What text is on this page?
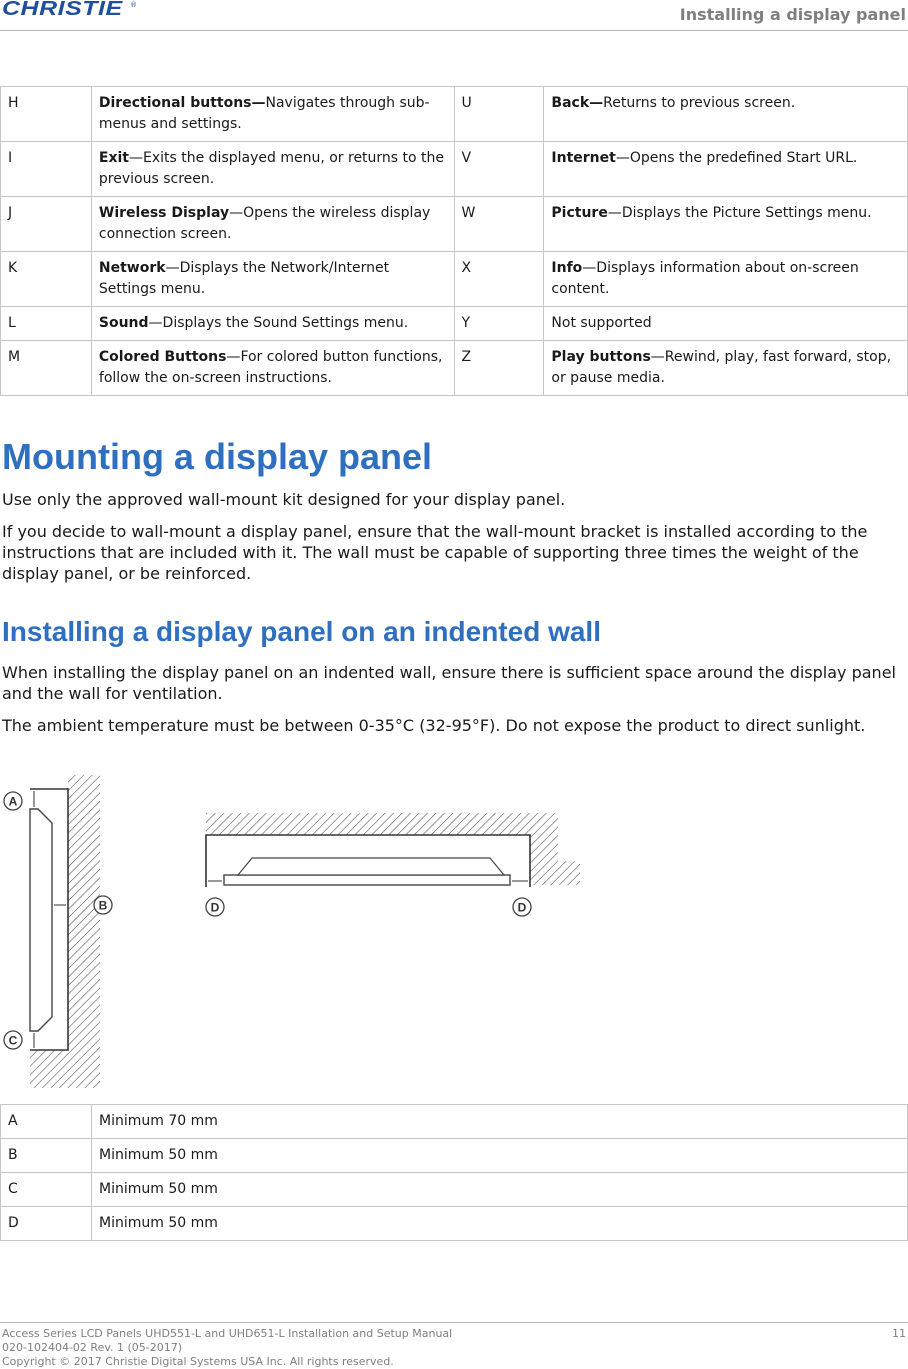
CHRISTIE ®	Installing a display panel
H	Directional buttons—Navigates through sub-menus and settings.	U	Back—Returns to previous screen.
I	Exit—Exits the displayed menu, or returns to the previous screen.	V	Internet—Opens the predefined Start URL.
J	Wireless Display—Opens the wireless display connection screen.	W	Picture—Displays the Picture Settings menu.
K	Network—Displays the Network/Internet Settings menu.	X	Info—Displays information about on-screen content.
L	Sound—Displays the Sound Settings menu.	Y	Not supported
M	Colored Buttons—For colored button functions, follow the on-screen instructions.	Z	Play buttons—Rewind, play, fast forward, stop, or pause media.
Mounting a display panel

Use only the approved wall-mount kit designed for your display panel.

If you decide to wall-mount a display panel, ensure that the wall-mount bracket is installed according to the instructions that are included with it. The wall must be capable of supporting three times the weight of the display panel, or be reinforced.

Installing a display panel on an indented wall

When installing the display panel on an indented wall, ensure there is sufficient space around the display panel and the wall for ventilation.

The ambient temperature must be between 0-35°C (32-95°F). Do not expose the product to direct sunlight.

A
B
C
D	D
A	Minimum 70 mm
B	Minimum 50 mm
C	Minimum 50 mm
D	Minimum 50 mm
Access Series LCD Panels UHD551-L and UHD651-L Installation and Setup Manual
020-102404-02 Rev. 1 (05-2017)
Copyright © 2017 Christie Digital Systems USA Inc. All rights reserved.
11
